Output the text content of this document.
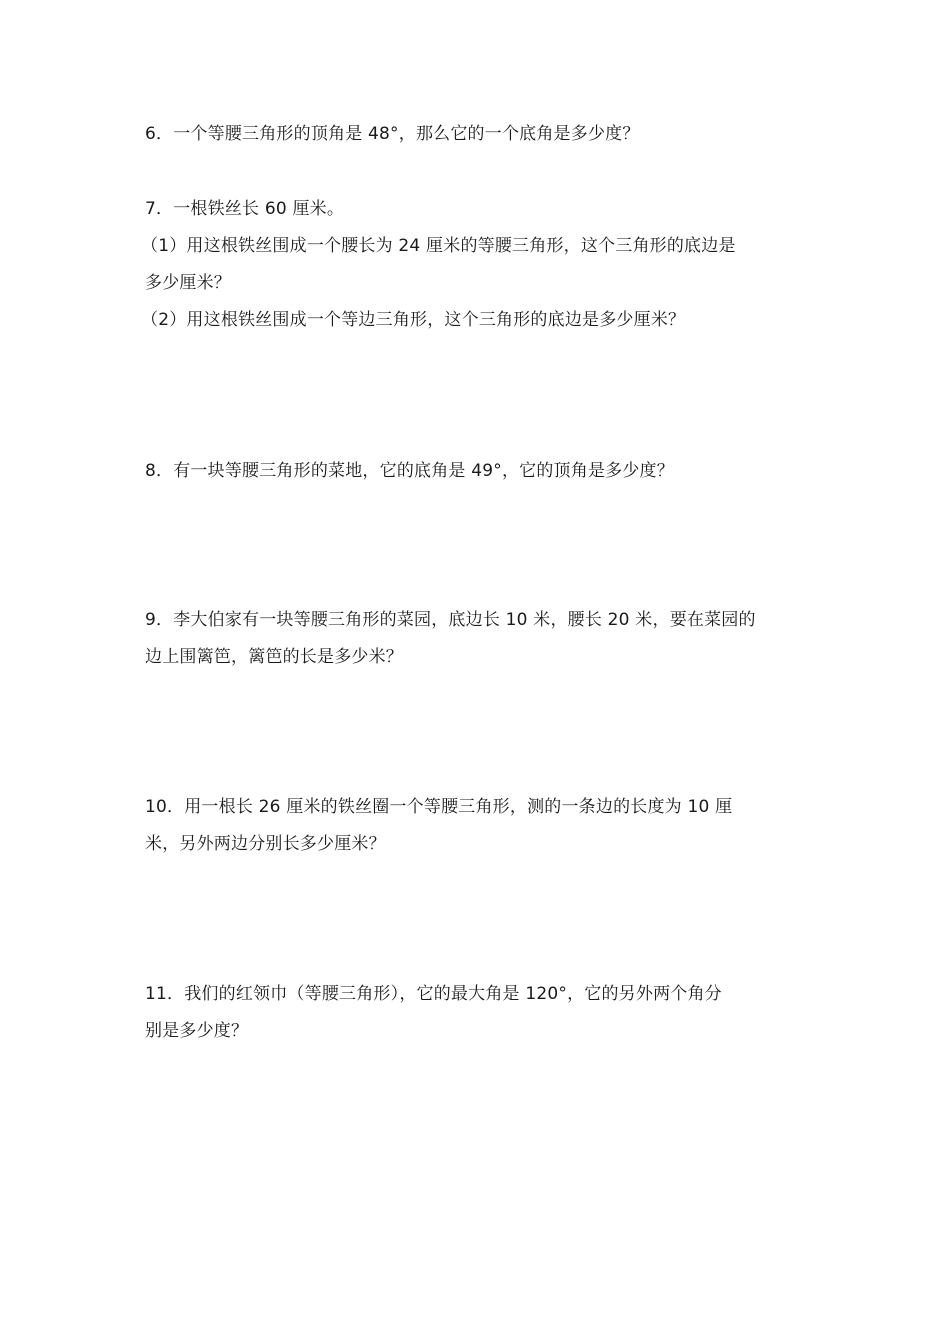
6．一个等腰三角形的顶角是 48°，那么它的一个底角是多少度？
7．一根铁丝长 60 厘米。
（1）用这根铁丝围成一个腰长为 24 厘米的等腰三角形，这个三角形的底边是
多少厘米？
（2）用这根铁丝围成一个等边三角形，这个三角形的底边是多少厘米？
8．有一块等腰三角形的菜地，它的底角是 49°，它的顶角是多少度？
9．李大伯家有一块等腰三角形的菜园，底边长 10 米，腰长 20 米，要在菜园的
边上围篱笆，篱笆的长是多少米？
10．用一根长 26 厘米的铁丝圈一个等腰三角形，测的一条边的长度为 10 厘
米，另外两边分别长多少厘米？
11．我们的红领巾（等腰三角形），它的最大角是 120°，它的另外两个角分
别是多少度？
